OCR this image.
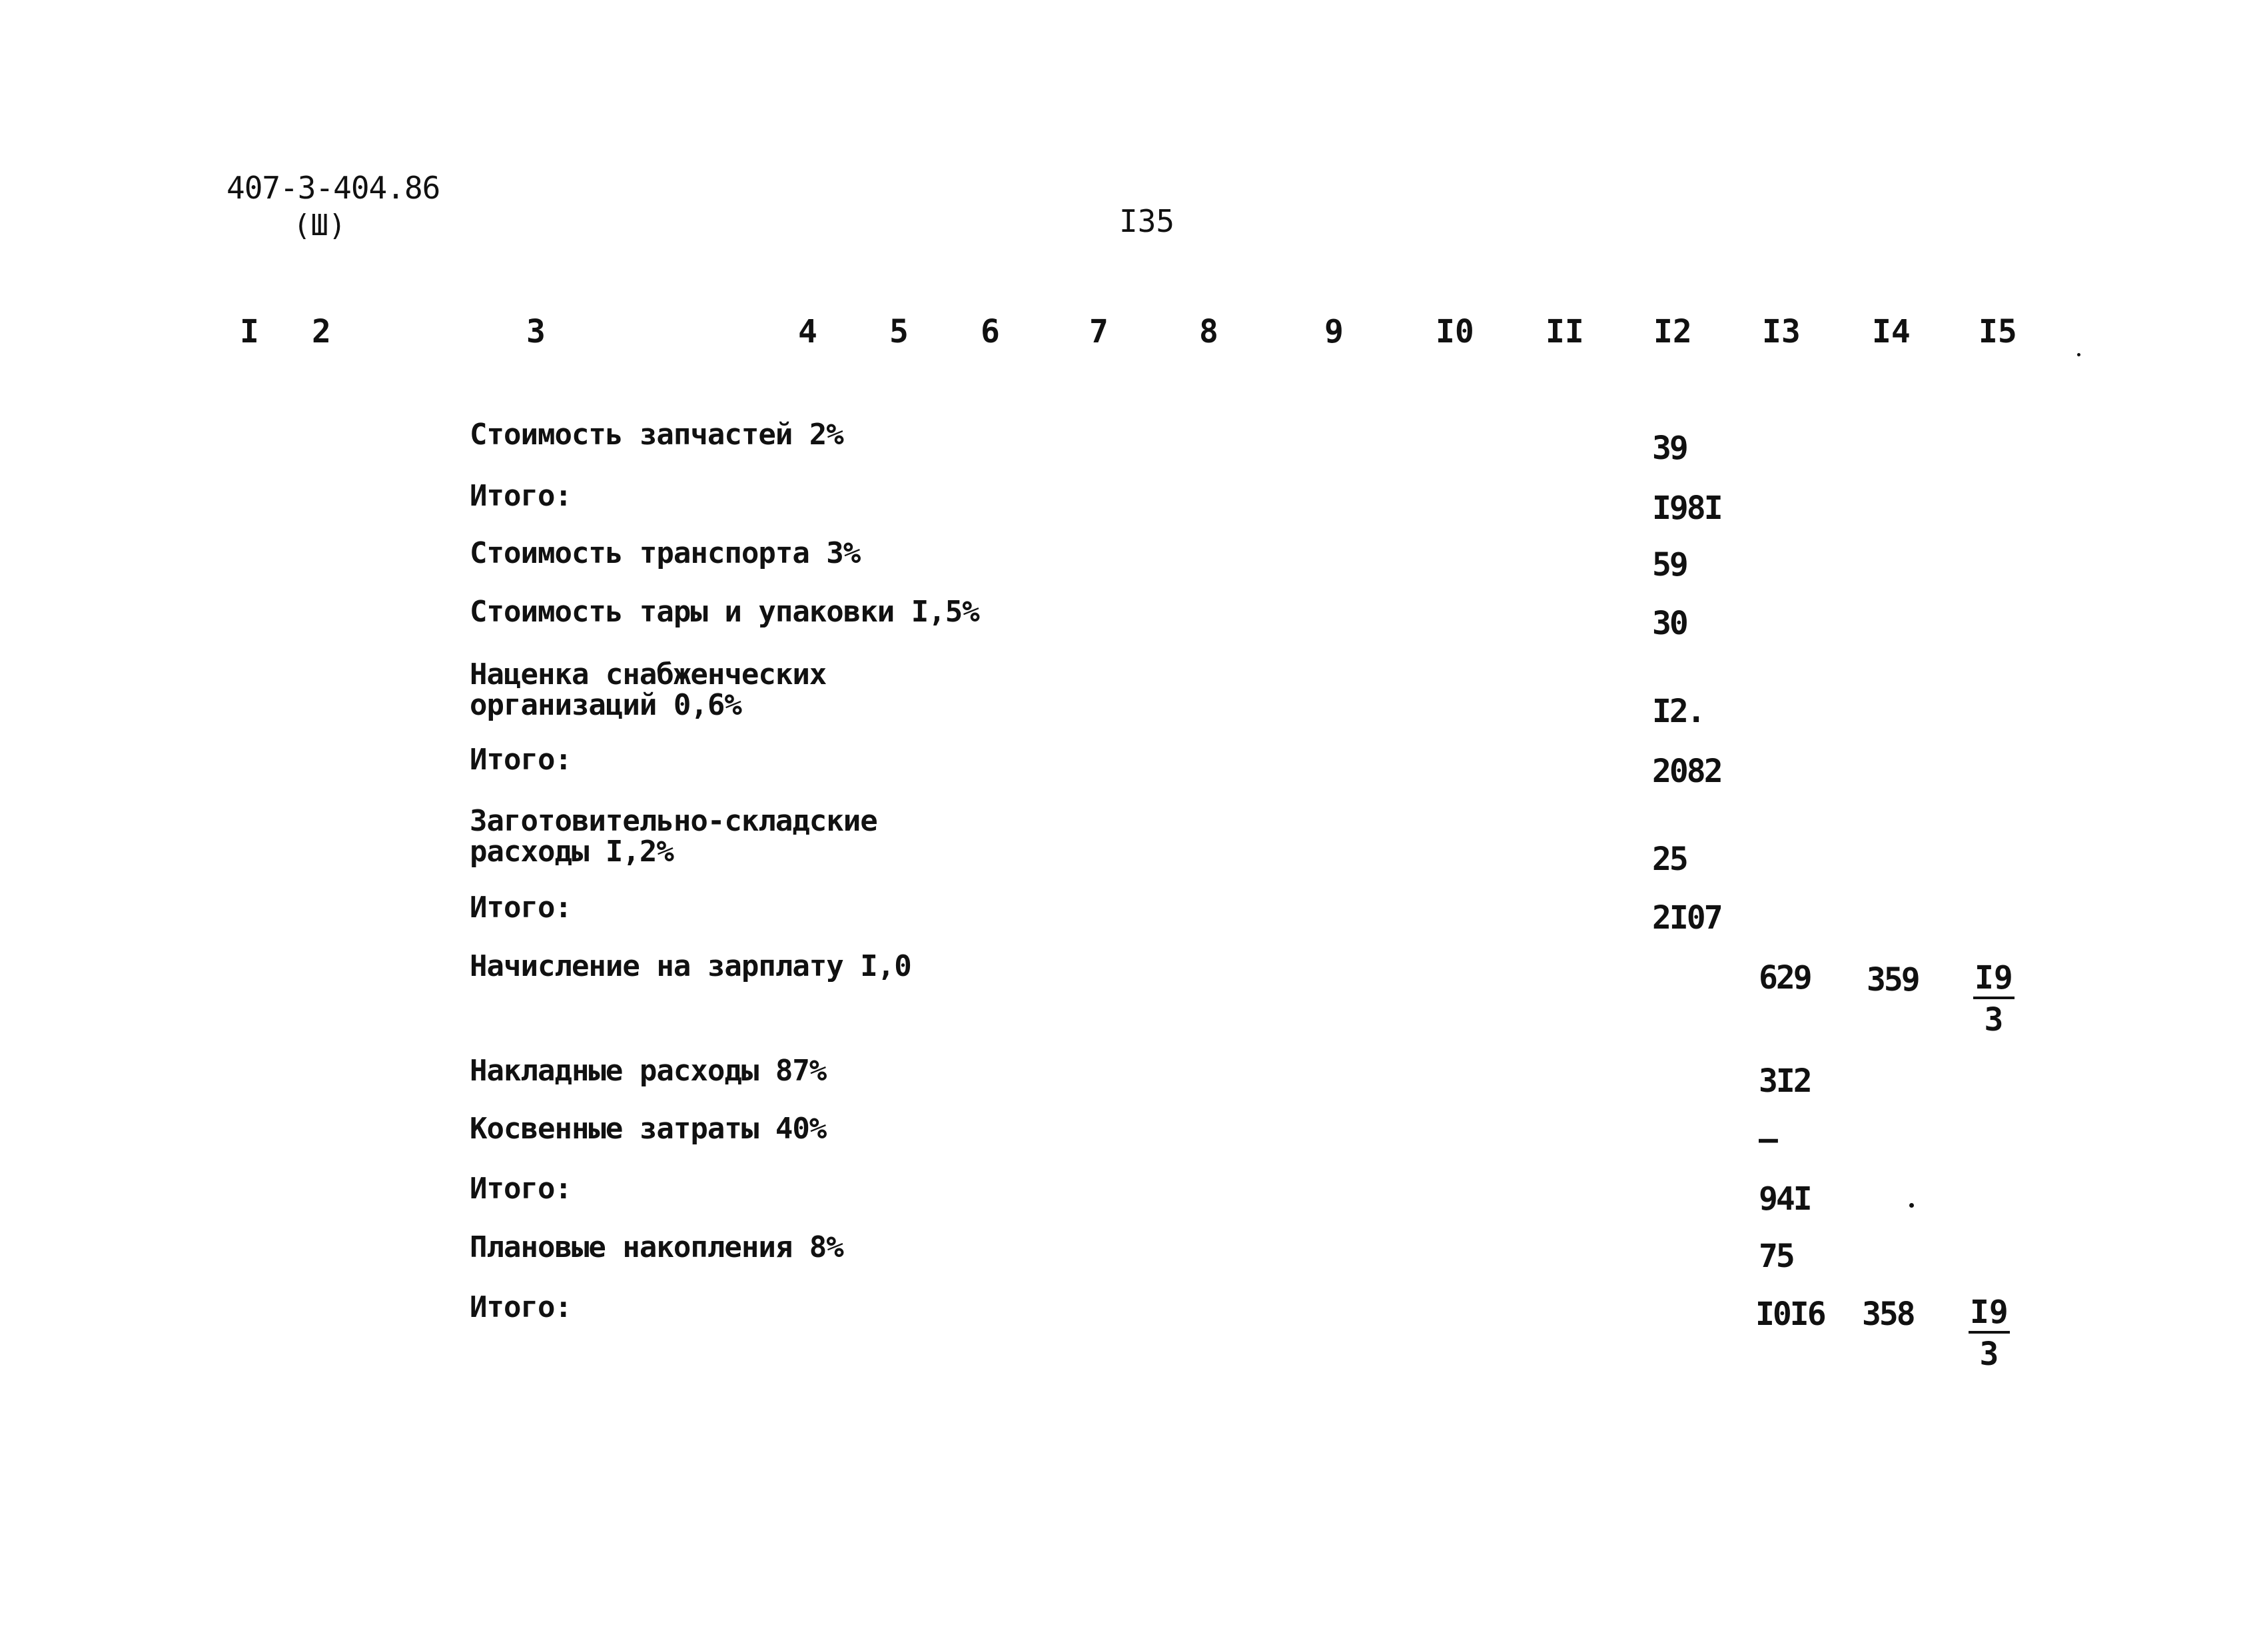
407-3-404.86
(Ш)	I35
I 2	3	4 5 6	7	8	9	I0 II I2 I3 I4 I5
Стоимость запчастей 2%	39
Итого:	I98I
Стоимость транспорта 3%	59
Стоимость тары и упаковки I,5%	30
Наценка снабженческих
организаций 0,6%	I2.
Итого:	2082
Заготовительно-складские
расходы I,2%	25
Итого:	2I07
Начисление на зарплату I,0	629 $359 \frac{I9}{3}$
Накладные расходы 87%	3I2
Косвенные затраты 40%	–
Итого:	94I
Плановые накопления 8%	75
Итого:	I0I6 $358 \frac{I9}{3}$
